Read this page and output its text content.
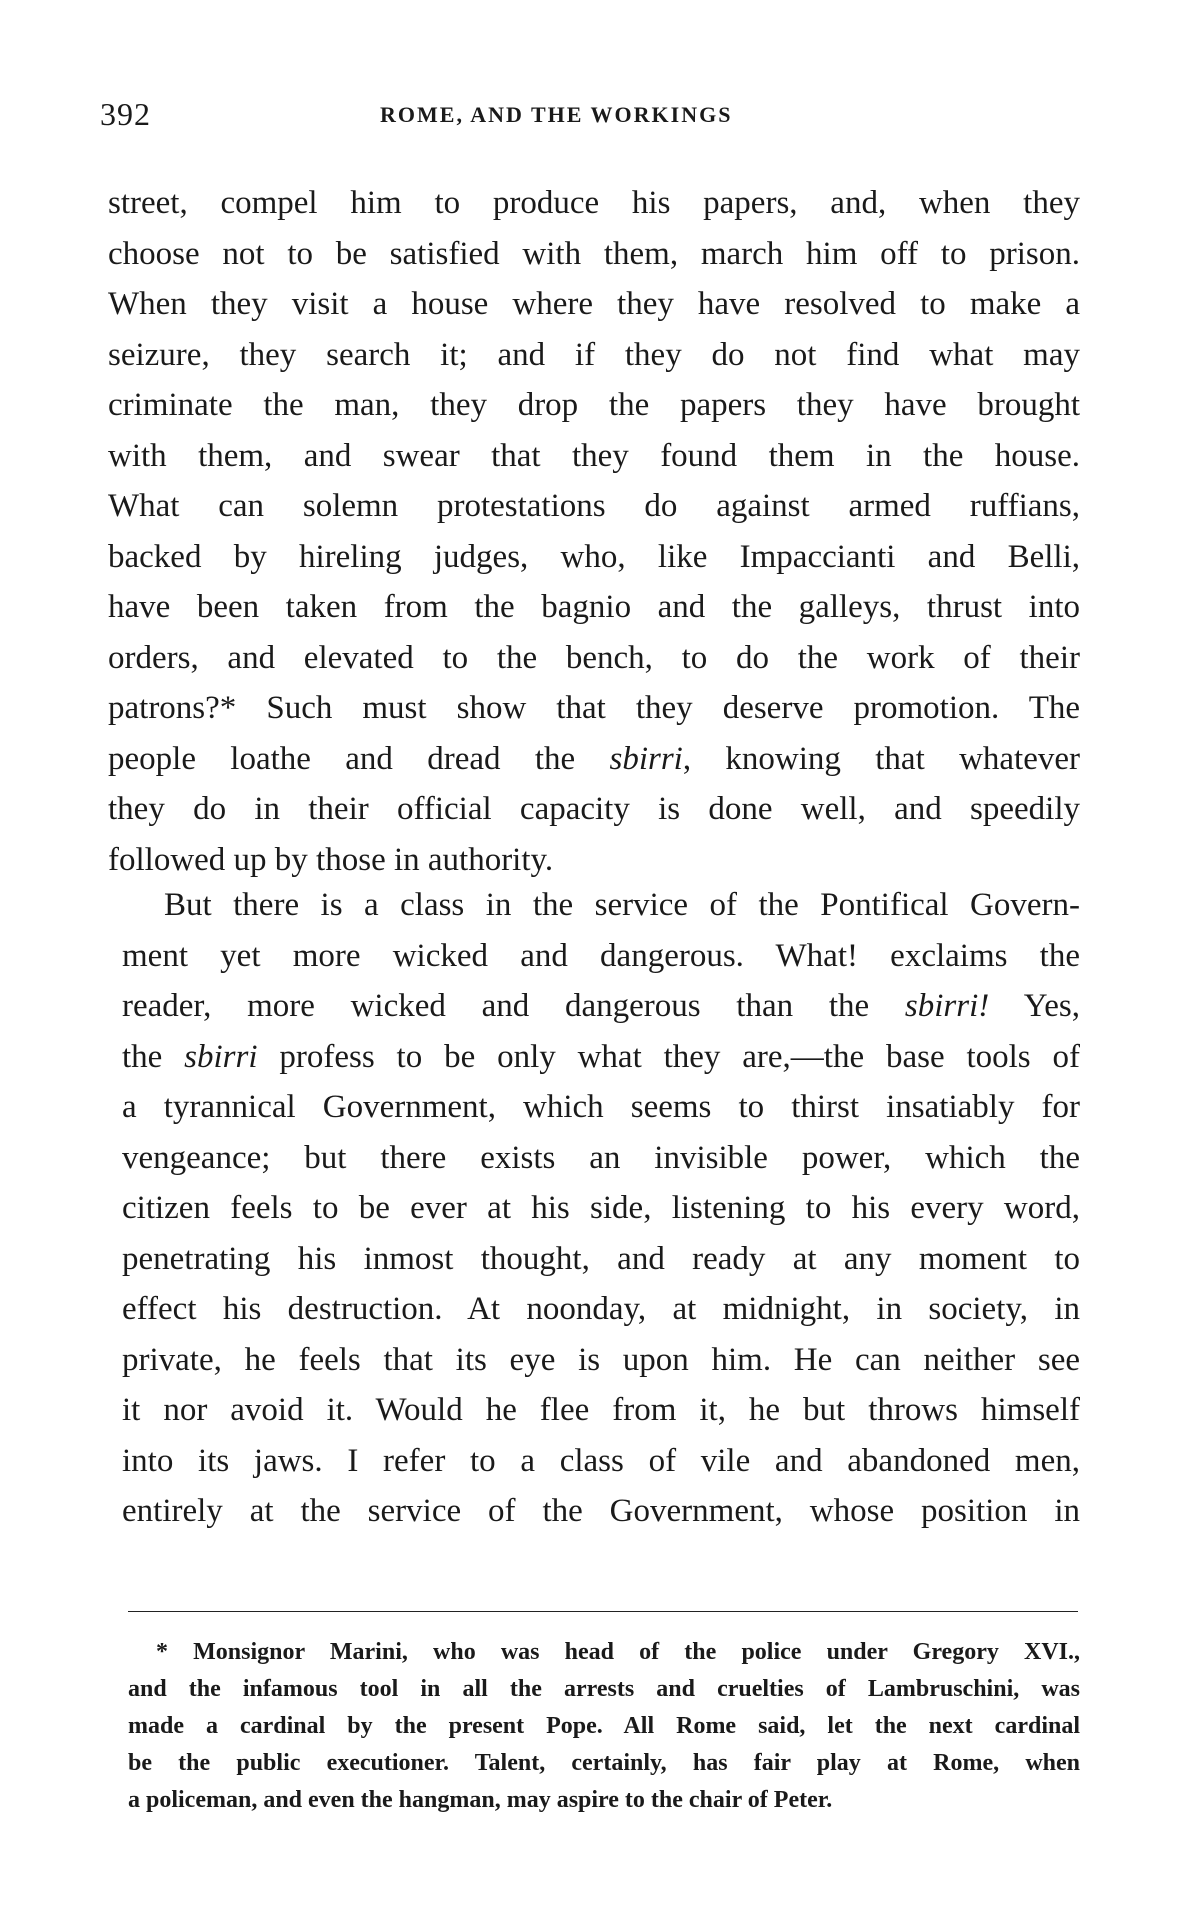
392	ROME, AND THE WORKINGS
street, compel him to produce his papers, and, when they
choose not to be satisfied with them, march him off to prison.
When they visit a house where they have resolved to make a
seizure, they search it; and if they do not find what may
criminate the man, they drop the papers they have brought
with them, and swear that they found them in the house.
What can solemn protestations do against armed ruffians,
backed by hireling judges, who, like Impaccianti and Belli,
have been taken from the bagnio and the galleys, thrust into
orders, and elevated to the bench, to do the work of their
patrons?* Such must show that they deserve promotion. The
people loathe and dread the sbirri, knowing that whatever
they do in their official capacity is done well, and speedily
followed up by those in authority.
But there is a class in the service of the Pontifical Govern-
ment yet more wicked and dangerous. What! exclaims the
reader, more wicked and dangerous than the sbirri! Yes,
the sbirri profess to be only what they are,—the base tools of
a tyrannical Government, which seems to thirst insatiably for
vengeance; but there exists an invisible power, which the
citizen feels to be ever at his side, listening to his every word,
penetrating his inmost thought, and ready at any moment to
effect his destruction. At noonday, at midnight, in society, in
private, he feels that its eye is upon him. He can neither see
it nor avoid it. Would he flee from it, he but throws himself
into its jaws. I refer to a class of vile and abandoned men,
entirely at the service of the Government, whose position in
* Monsignor Marini, who was head of the police under Gregory XVI.,
and the infamous tool in all the arrests and cruelties of Lambruschini, was
made a cardinal by the present Pope. All Rome said, let the next cardinal
be the public executioner. Talent, certainly, has fair play at Rome, when
a policeman, and even the hangman, may aspire to the chair of Peter.
